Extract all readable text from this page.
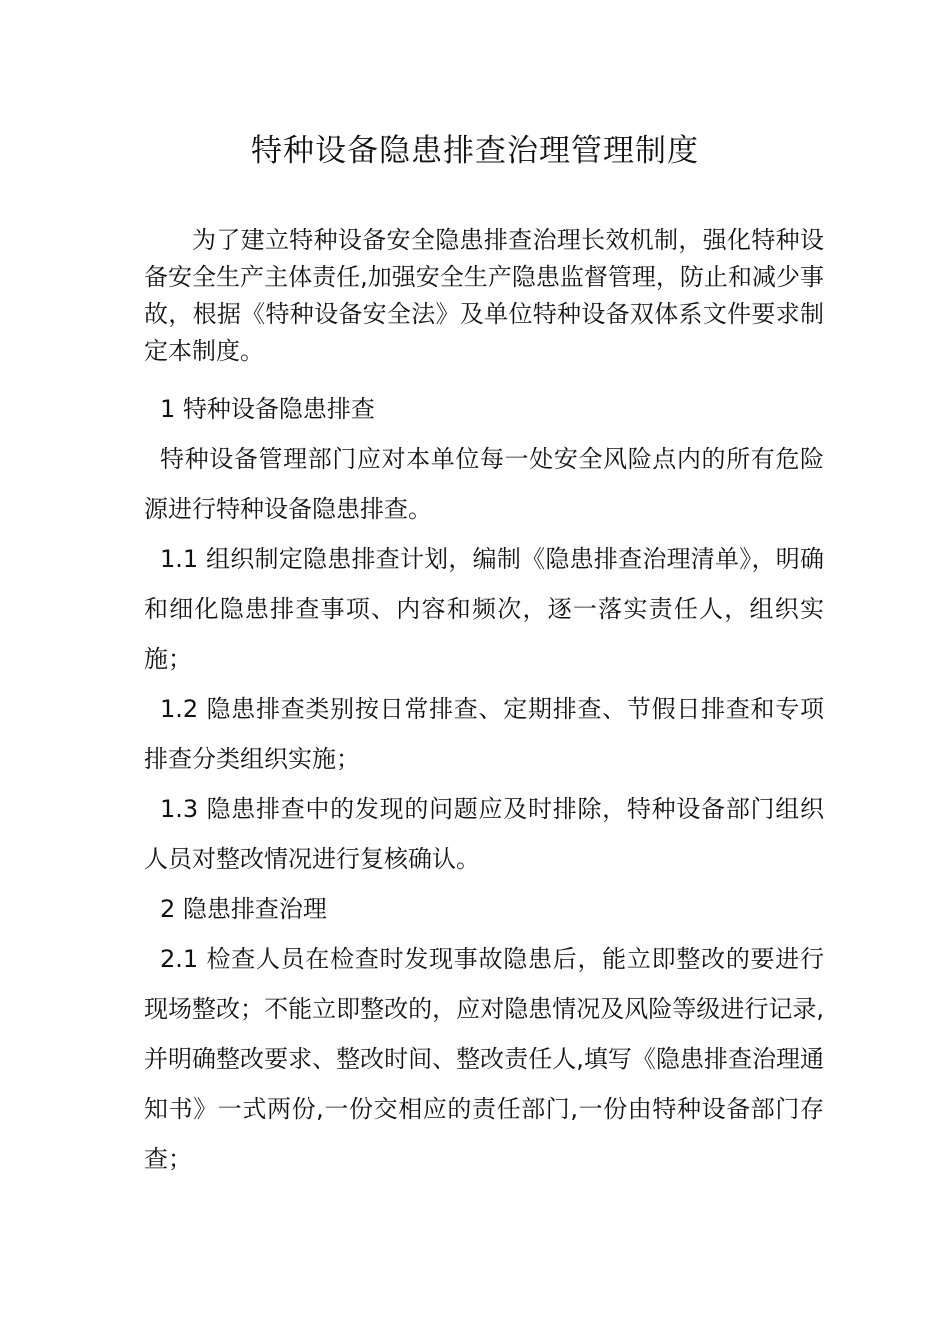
特种设备隐患排查治理管理制度

为了建立特种设备安全隐患排查治理长效机制，强化特种设备安全生产主体责任,加强安全生产隐患监督管理，防止和减少事故，根据《特种设备安全法》及单位特种设备双体系文件要求制定本制度。

1 特种设备隐患排查

特种设备管理部门应对本单位每一处安全风险点内的所有危险源进行特种设备隐患排查。

1.1 组织制定隐患排查计划，编制《隐患排查治理清单》，明确和细化隐患排查事项、内容和频次，逐一落实责任人，组织实施；

1.2 隐患排查类别按日常排查、定期排查、节假日排查和专项排查分类组织实施；

1.3 隐患排查中的发现的问题应及时排除，特种设备部门组织人员对整改情况进行复核确认。

2 隐患排查治理

2.1 检查人员在检查时发现事故隐患后，能立即整改的要进行现场整改；不能立即整改的，应对隐患情况及风险等级进行记录,并明确整改要求、整改时间、整改责任人,填写《隐患排查治理通知书》一式两份,一份交相应的责任部门,一份由特种设备部门存查；
